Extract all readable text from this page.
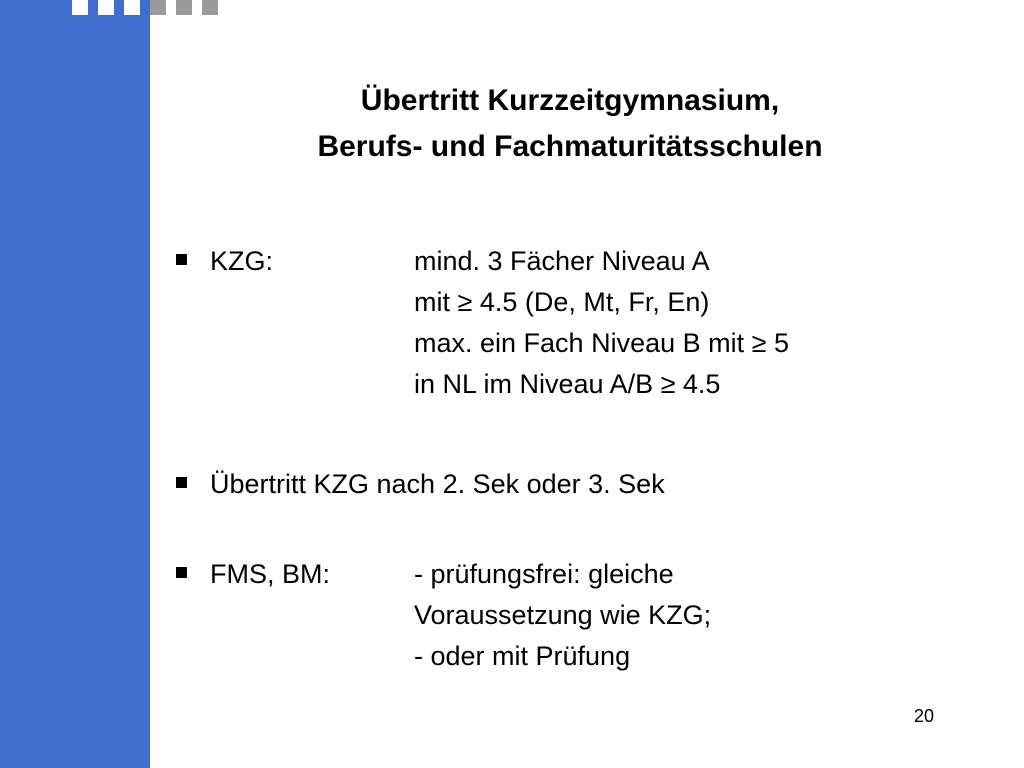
Übertritt Kurzzeitgymnasium,
Berufs- und Fachmaturitätsschulen
KZG:	mind. 3 Fächer Niveau A
mit ≥ 4.5 (De, Mt, Fr, En)
max. ein Fach Niveau B mit ≥ 5
in NL im Niveau A/B ≥ 4.5
Übertritt KZG nach 2. Sek oder 3. Sek
FMS, BM:	- prüfungsfrei: gleiche
Voraussetzung wie KZG;
- oder mit Prüfung
20
